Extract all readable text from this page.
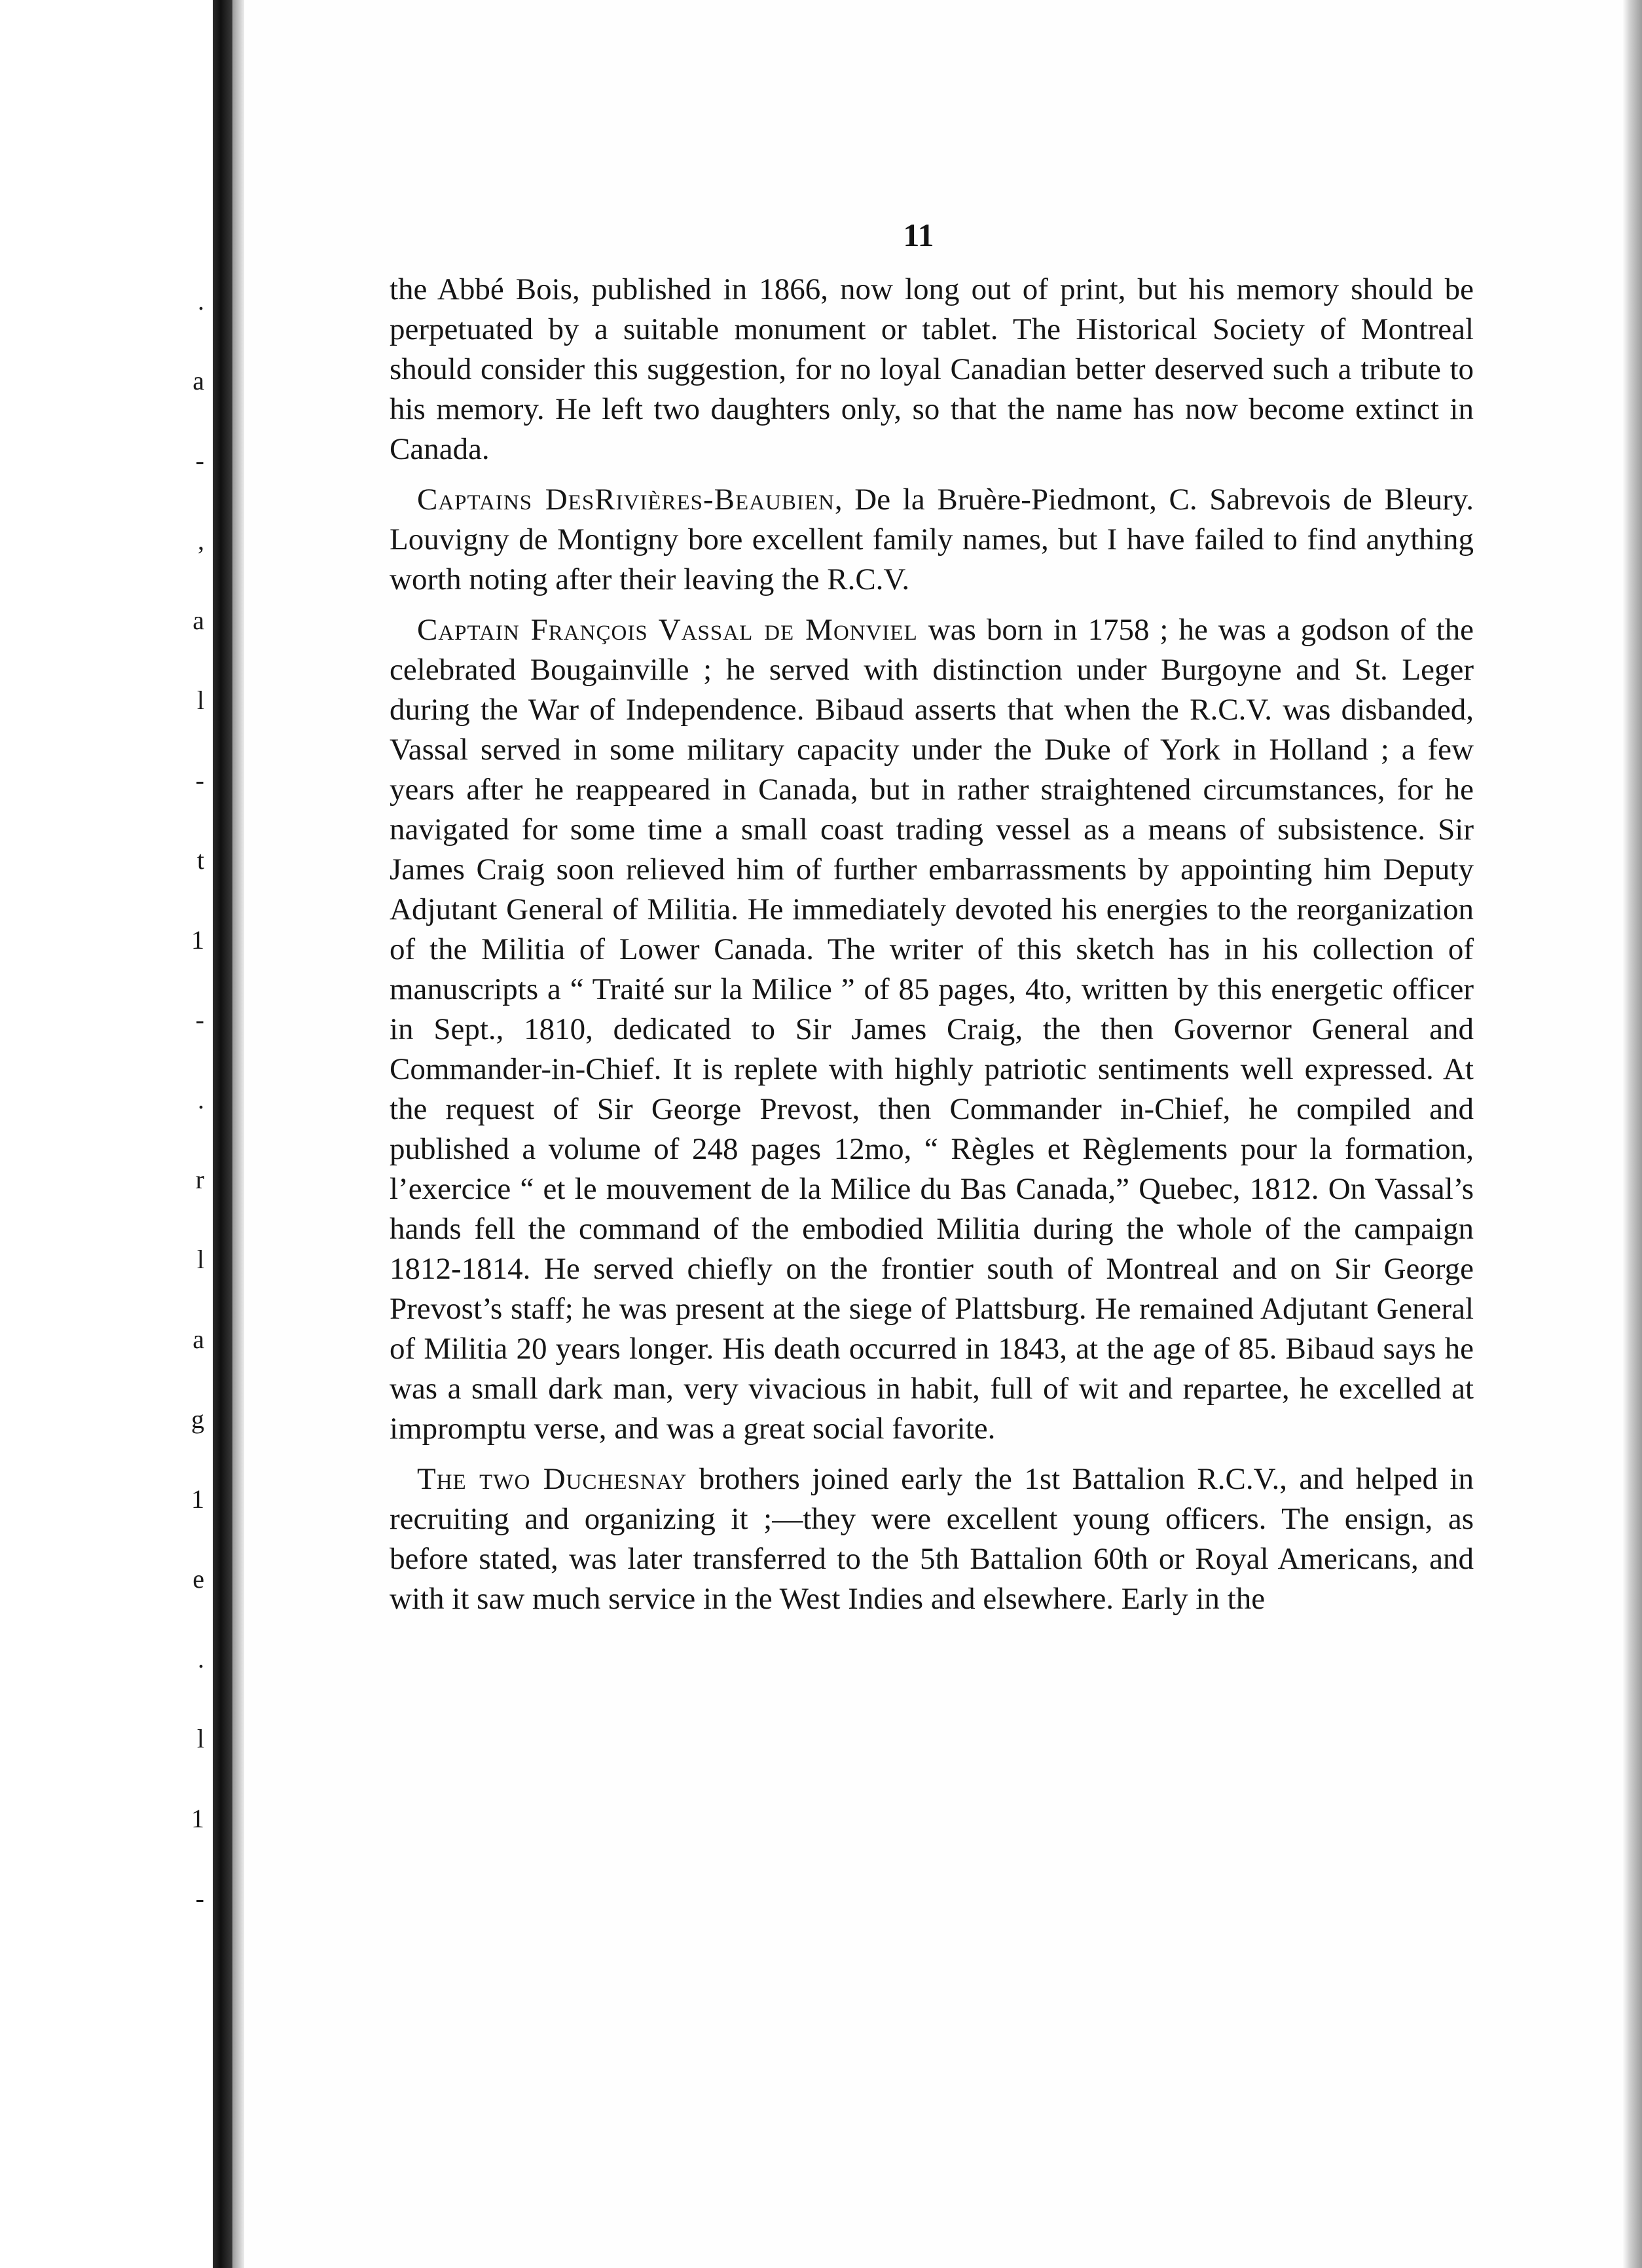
.
a
-
,
a
l
-
t
1
-
.
r
l
a
g
1
e
.
l
1
-
11

the Abbé Bois, published in 1866, now long out of print, but his memory should be perpetuated by a suitable monument or tablet. The Historical Society of Montreal should consider this suggestion, for no loyal Canadian better deserved such a tribute to his memory. He left two daughters only, so that the name has now become extinct in Canada.

Captains DesRivières-Beaubien, De la Bruère-Piedmont, C. Sabrevois de Bleury. Louvigny de Montigny bore excellent family names, but I have failed to find anything worth noting after their leaving the R.C.V.

Captain François Vassal de Monviel was born in 1758 ; he was a godson of the celebrated Bougainville ; he served with distinction under Burgoyne and St. Leger during the War of Independence. Bibaud asserts that when the R.C.V. was disbanded, Vassal served in some military capacity under the Duke of York in Holland ; a few years after he reappeared in Canada, but in rather straightened circumstances, for he navigated for some time a small coast trading vessel as a means of subsistence. Sir James Craig soon relieved him of further embarrassments by appointing him Deputy Adjutant General of Militia. He immediately devoted his energies to the reorganization of the Militia of Lower Canada. The writer of this sketch has in his collection of manuscripts a “ Traité sur la Milice ” of 85 pages, 4to, written by this energetic officer in Sept., 1810, dedicated to Sir James Craig, the then Governor General and Commander-in-Chief. It is replete with highly patriotic sentiments well expressed. At the request of Sir George Prevost, then Commander in-Chief, he compiled and published a volume of 248 pages 12mo, “ Règles et Règlements pour la formation, l’exercice “ et le mouvement de la Milice du Bas Canada,” Quebec, 1812. On Vassal’s hands fell the command of the embodied Militia during the whole of the campaign 1812-1814. He served chiefly on the frontier south of Montreal and on Sir George Prevost’s staff; he was present at the siege of Plattsburg. He remained Adjutant General of Militia 20 years longer. His death occurred in 1843, at the age of 85. Bibaud says he was a small dark man, very vivacious in habit, full of wit and repartee, he excelled at impromptu verse, and was a great social favorite.

The two Duchesnay brothers joined early the 1st Battalion R.C.V., and helped in recruiting and organizing it ;—they were excellent young officers. The ensign, as before stated, was later transferred to the 5th Battalion 60th or Royal Americans, and with it saw much service in the West Indies and elsewhere. Early in the
